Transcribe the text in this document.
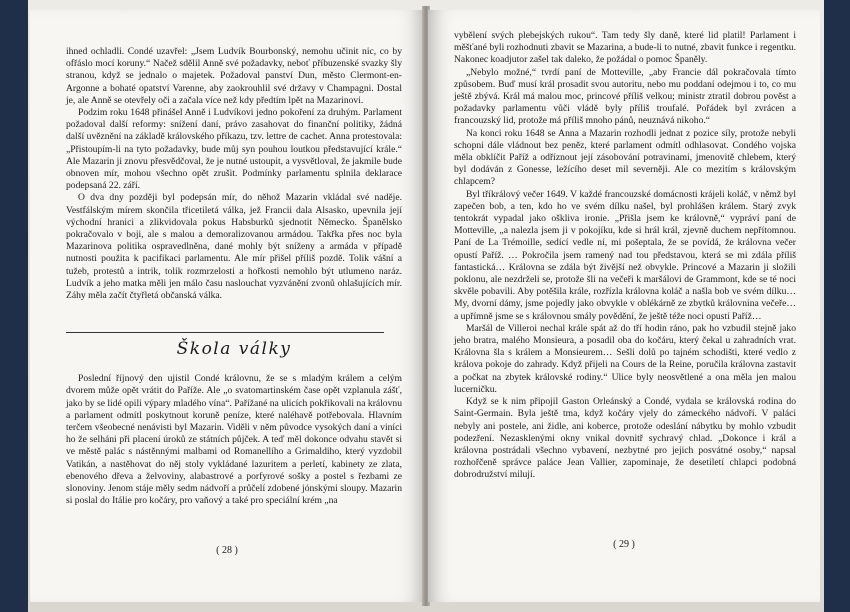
ihned ochladli. Condé uzavřel: „Jsem Ludvík Bourbonský, nemohu učinit nic, co by ofřáslo mocí koruny.“ Načež sdělil Anně své požadavky, neboť příbuzenské svazky šly stranou, když se jednalo o majetek. Požadoval panství Dun, město Clermont-en-Argonne a bohaté opatství Varenne, aby zaokrouhlil své državy v Champagni. Dostal je, ale Anně se otevřely oči a začala více než kdy předtím lpět na Mazarinovi.

Podzim roku 1648 přinášel Anně i Ludvíkovi jedno pokoření za druhým. Parlament požadoval další reformy: snížení daní, právo zasahovat do finanční politiky, žádná další uvěznění na základě královského příkazu, tzv. lettre de cachet. Anna protestovala: „Přistoupím-li na tyto požadavky, bude můj syn pouhou loutkou představující krále.“ Ale Mazarin ji znovu přesvědčoval, že je nutné ustoupit, a vysvětloval, že jakmile bude obnoven mír, mohou všechno opět zrušit. Podmínky parlamentu splnila deklarace podepsaná 22. září.

O dva dny později byl podepsán mír, do něhož Mazarin vkládal své naděje. Vestfálským mírem skončila třicetiletá válka, jež Francii dala Alsasko, upevnila její východní hranici a zlikvidovala pokus Habsburků sjednotit Německo. Španělsko pokračovalo v boji, ale s malou a demoralizovanou armádou. Takřka přes noc byla Mazarinova politika ospravedlněna, dané mohly být sníženy a armáda v případě nutnosti použita k pacifikaci parlamentu. Ale mír přišel příliš pozdě. Tolik vášní a tužeb, protestů a intrik, tolik rozmrzelosti a hořkosti nemohlo být utlumeno naráz. Ludvík a jeho matka měli jen málo času naslouchat vyzvánění zvonů ohlašujících mír. Záhy měla začít čtyřletá občanská válka.

Škola války

Poslední říjnový den ujistil Condé královnu, že se s mladým králem a celým dvorem může opět vrátit do Paříže. Ale „o svatomartinském čase opět vzplanula zášť, jako by se lidé opili výpary mladého vína“. Pařížané na ulicích pokřikovali na královnu a parlament odmítl poskytnout koruně peníze, které naléhavě potřebovala. Hlavním terčem všeobecné nenávisti byl Mazarin. Viděli v něm původce vysokých daní a viníci ho že selháni při placení úroků ze státních půjček. A teď měl dokonce odvahu stavět si ve městě palác s nástěnnými malbami od Romanellího a Grimaldiho, který vyzdobil Vatikán, a nastěhovat do něj stoly vykládané lazuritem a perletí, kabinety ze zlata, ebenového dřeva a želvoviny, alabastrové a porfyrové sošky a postel s řezbami ze slonoviny. Jenom stáje měly sedm nádvoří a průčelí zdobené jónskými sloupy. Mazarin si poslal do Itálie pro kočáry, pro vaňový a také pro speciální krém „na

( 28 )

vybělení svých plebejských rukou“. Tam tedy šly daně, které lid platil! Parlament i měšťané byli rozhodnuti zbavit se Mazarina, a bude-li to nutné, zbavit funkce i regentku. Nakonec koadjutor zašel tak daleko, že požádal o pomoc Španěly.

„Nebylo možné,“ tvrdí paní de Motteville, „aby Francie dál pokračovala tímto způsobem. Buď musí král prosadit svou autoritu, nebo mu poddaní odejmou i to, co mu ještě zbývá. Král má malou moc, princové příliš velkou; ministr ztratil dobrou pověst a požadavky parlamentu vůči vládě byly příliš troufalé. Pořádek byl zvrácen a francouzský lid, protože má příliš mnoho pánů, neuznává nikoho.“

Na konci roku 1648 se Anna a Mazarin rozhodli jednat z pozice síly, protože nebyli schopni dále vládnout bez peněz, které parlament odmítl odhlasovat. Condého vojska měla obklíčit Paříž a odříznout její zásobování potravinami, jmenovitě chlebem, který byl dodáván z Gonesse, ležícího deset mil severněji. Ale co mezitím s královským chlapcem?

Byl tříkrálový večer 1649. V každé francouzské domácnosti krájeli koláč, v němž byl zapečen bob, a ten, kdo ho ve svém dílku našel, byl prohlášen králem. Starý zvyk tentokrát vypadal jako oškliva ironie. „Přišla jsem ke královně,“ vypráví paní de Motteville, „a nalezla jsem ji v pokojíku, kde si hrál král, zjevně duchem nepřítomnou. Paní de La Trémoille, sedící vedle ní, mi pošeptala, že se povídá, že královna večer opustí Paříž. … Pokročila jsem ramený nad tou představou, která se mi zdála příliš fantastická… Královna se zdála být živější než obvykle. Princové a Mazarin ji složili poklonu, ale nezdrželi se, protože šli na večeři k maršálovi de Grammont, kde se té noci skvěle pobavili. Aby potěšila krále, rozřízla královna koláč a našla bob ve svém dílku… My, dvorní dámy, jsme pojedly jako obvykle v oblékárně ze zbytků královnina večeře… a upřímně jsme se s královnou smály povědění, že ještě téže noci opustí Paříž…

Maršál de Villeroi nechal krále spát až do tří hodin ráno, pak ho vzbudil stejně jako jeho bratra, malého Monsieura, a posadil oba do kočáru, který čekal u zahradních vrat. Královna šla s králem a Monsieurem… Sešli dolů po tajném schodišti, které vedlo z králova pokoje do zahrady. Když přijeli na Cours de la Reine, poručila královna zastavit a počkat na zbytek královské rodiny.“ Ulice byly neosvětlené a ona měla jen malou lucerničku.

Když se k nim připojil Gaston Orleánský a Condé, vydala se královská rodina do Saint-Germain. Byla ještě tma, když kočáry vjely do zámeckého nádvoří. V paláci nebyly ani postele, ani židle, ani koberce, protože odeslání nábytku by mohlo vzbudit podezření. Nezasklenými okny vnikal dovnitř sychravý chlad. „Dokonce i král a královna postrádali všechno vybavení, nezbytné pro jejich posvátné osoby,“ napsal rozhořčeně správce paláce Jean Vallier, zapominaje, že desetiletí chlapci podobná dobrodružství milují.

( 29 )
